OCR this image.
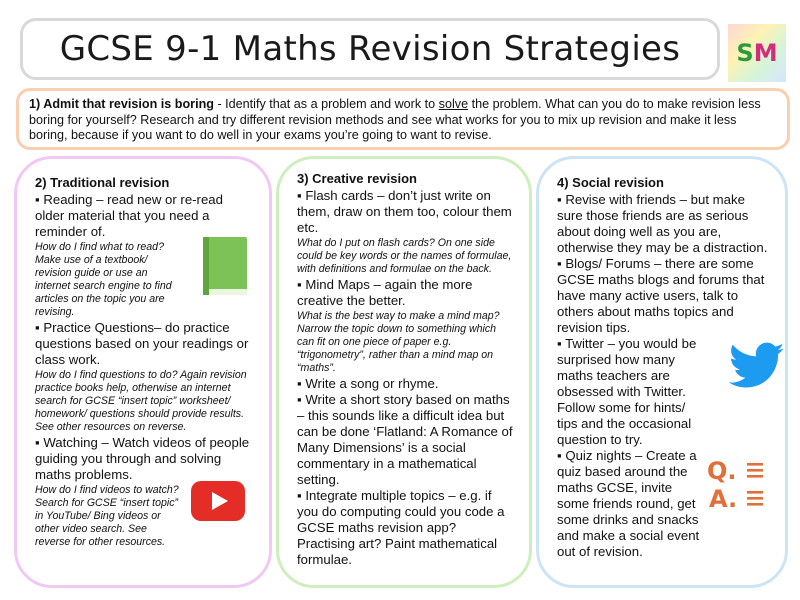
GCSE 9-1 Maths Revision Strategies S M
1) Admit that revision is boring - Identify that as a problem and work to solve the problem. What can you do to make revision less boring for yourself? Research and try different revision methods and see what works for you to mix up revision and make it less boring, because if you want to do well in your exams you’re going to want to revise.
2) Traditional revision
▪ Reading – read new or re-read older material that you need a reminder of.
How do I find what to read? Make use of a textbook/ revision guide or use an internet search engine to find articles on the topic you are revising.
▪ Practice Questions– do practice questions based on your readings or class work.
How do I find questions to do? Again revision practice books help, otherwise an internet search for GCSE “insert topic” worksheet/ homework/ questions should provide results. See other resources on reverse.
▪ Watching – Watch videos of people guiding you through and solving maths problems.
How do I find videos to watch? Search for GCSE “insert topic” in YouTube/ Bing videos or other video search. See reverse for other resources.
3) Creative revision
▪ Flash cards – don’t just write on them, draw on them too, colour them etc.
What do I put on flash cards? On one side could be key words or the names of formulae, with definitions and formulae on the back.
▪ Mind Maps – again the more creative the better.
What is the best way to make a mind map? Narrow the topic down to something which can fit on one piece of paper e.g. “trigonometry”, rather than a mind map on “maths”.
▪ Write a song or rhyme.
▪ Write a short story based on maths – this sounds like a difficult idea but can be done ‘Flatland: A Romance of Many Dimensions’ is a social commentary in a mathematical setting.
▪ Integrate multiple topics – e.g. if you do computing could you code a GCSE maths revision app? Practising art? Paint mathematical formulae.
4) Social revision
▪ Revise with friends – but make sure those friends are as serious about doing well as you are, otherwise they may be a distraction.
▪ Blogs/ Forums – there are some GCSE maths blogs and forums that have many active users, talk to others about maths topics and revision tips.
▪ Twitter – you would be surprised how many maths teachers are obsessed with Twitter. Follow some for hints/ tips and the occasional question to try.
▪ Quiz nights – Create a quiz based around the maths GCSE, invite some friends round, get some drinks and snacks and make a social event out of revision.
Q.
A.
